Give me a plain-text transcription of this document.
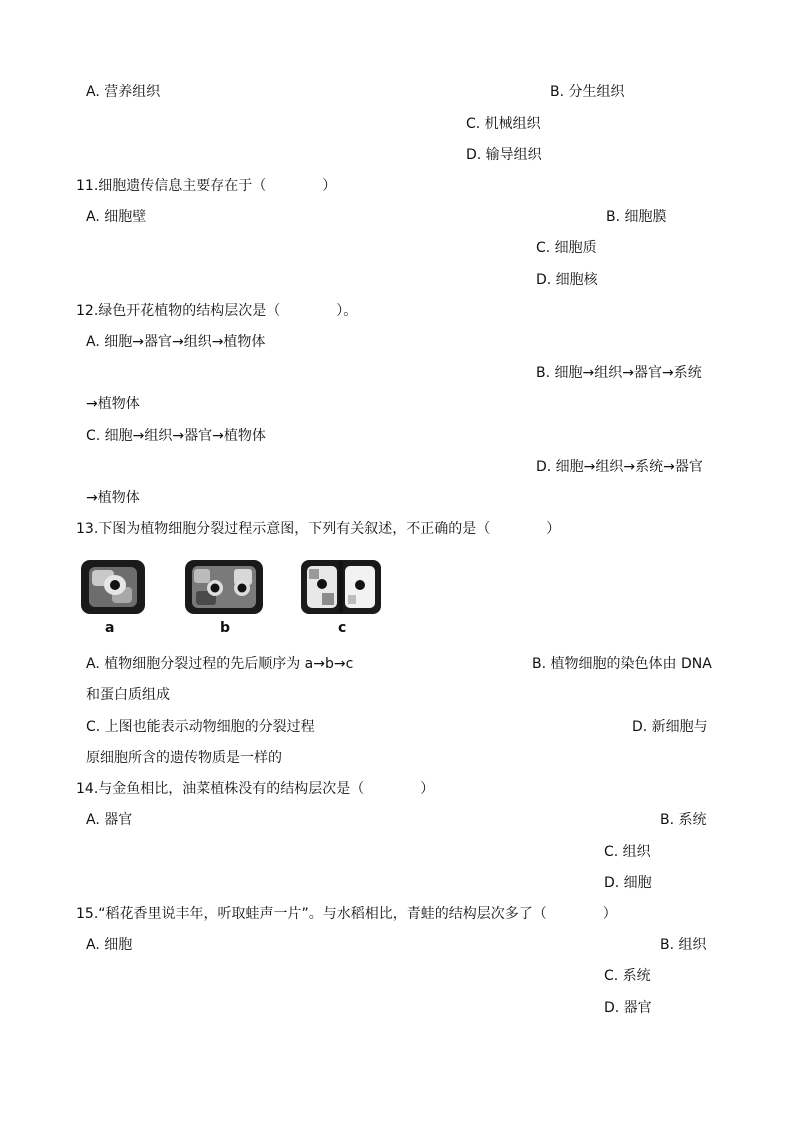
A. 营养组织	B. 分生组织
C. 机械组织
D. 输导组织
11.细胞遗传信息主要存在于（　　　　）
A. 细胞壁	B. 细胞膜
C. 细胞质
D. 细胞核
12.绿色开花植物的结构层次是（　　　　）。
A. 细胞→器官→组织→植物体
B. 细胞→组织→器官→系统
→植物体
C. 细胞→组织→器官→植物体
D. 细胞→组织→系统→器官
→植物体
13.下图为植物细胞分裂过程示意图，下列有关叙述，不正确的是（　　　　）
a	b	c
A. 植物细胞分裂过程的先后顺序为 a→b→c	B. 植物细胞的染色体由 DNA
和蛋白质组成
C. 上图也能表示动物细胞的分裂过程	D. 新细胞与
原细胞所含的遗传物质是一样的
14.与金鱼相比，油菜植株没有的结构层次是（　　　　）
A. 器官	B. 系统
C. 组织
D. 细胞
15.“稻花香里说丰年，听取蛙声一片”。与水稻相比，青蛙的结构层次多了（　　　　）
A. 细胞	B. 组织
C. 系统
D. 器官
